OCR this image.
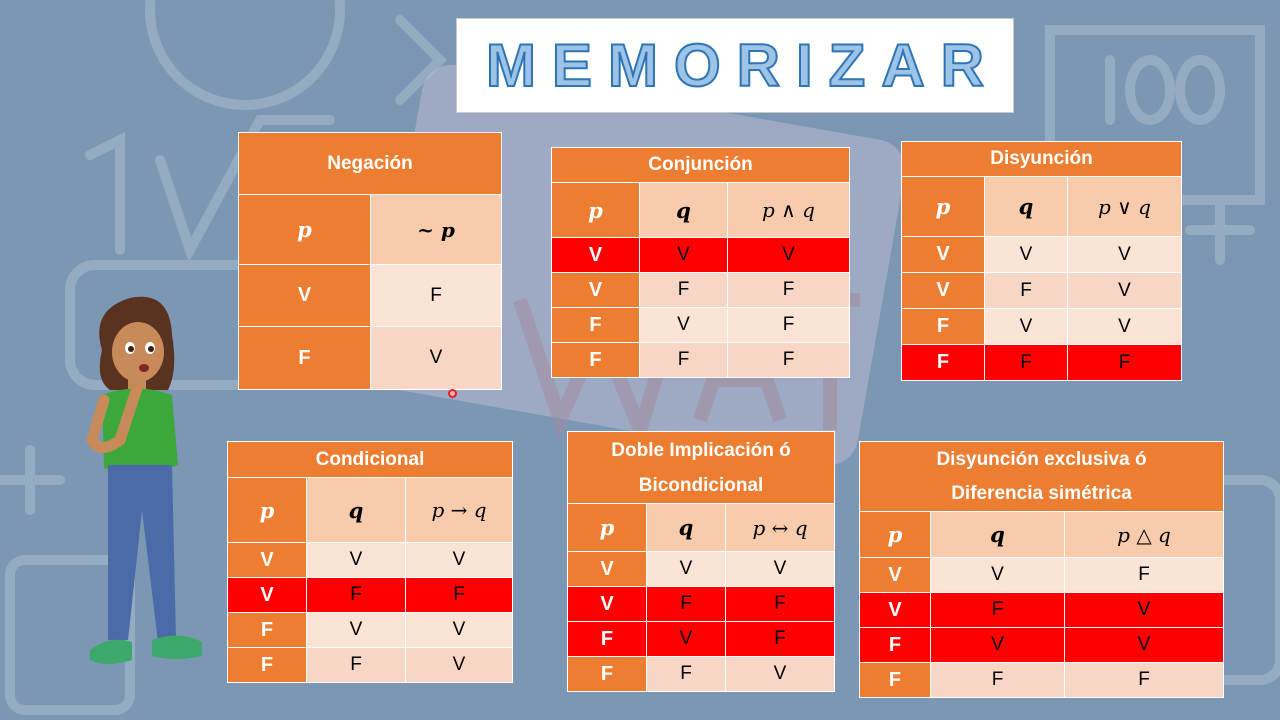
MEMORIZAR
Negación	
p	~ p
V	F
F	V
Conjunción		
p	q	p ∧ q
V	V	V
V	F	F
F	V	F
F	F	F
Disyunción		
p	q	p ∨ q
V	V	V
V	F	V
F	V	V
F	F	F
Condicional		
p	q	p → q
V	V	V
V	F	F
F	V	V
F	F	V
Doble Implicación ó
Bicondicional		
p	q	p ↔ q
V	V	V
V	F	F
F	V	F
F	F	V
Disyunción exclusiva ó
Diferencia simétrica		
p	q	p △ q
V	V	F
V	F	V
F	V	V
F	F	F
